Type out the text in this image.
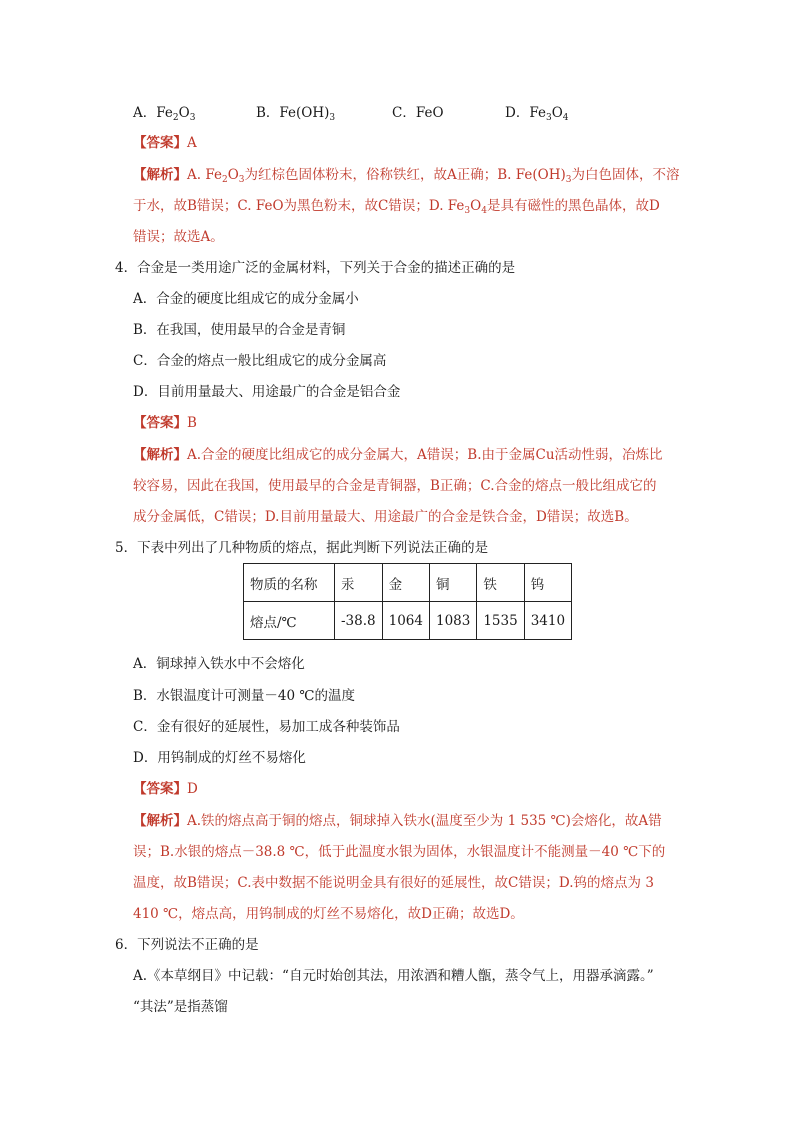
A．$Fe_2O_3$	B．$Fe(OH)_3$	C．FeO	D．$Fe_3O_4$
【答案】A
【解析】A. $Fe_2O_3$为红棕色固体粉末，俗称铁红，故A正确；B. $Fe(OH)_3$为白色固体，不溶
于水，故B错误；C. FeO为黑色粉末，故C错误；D. $Fe_3O_4$是具有磁性的黑色晶体，故D
错误；故选A。
4．合金是一类用途广泛的金属材料，下列关于合金的描述正确的是
A．合金的硬度比组成它的成分金属小
B．在我国，使用最早的合金是青铜
C．合金的熔点一般比组成它的成分金属高
D．目前用量最大、用途最广的合金是铝合金
【答案】B
【解析】A.合金的硬度比组成它的成分金属大，A错误；B.由于金属Cu活动性弱，冶炼比
较容易，因此在我国，使用最早的合金是青铜器，B正确；C.合金的熔点一般比组成它的
成分金属低，C错误；D.目前用量最大、用途最广的合金是铁合金，D错误；故选B。
5．下表中列出了几种物质的熔点，据此判断下列说法正确的是
物质的名称	汞	金	铜	铁	钨
熔点/℃	-38.8	1064	1083	1535	3410
A．铜球掉入铁水中不会熔化
B．水银温度计可测量－40 ℃的温度
C．金有很好的延展性，易加工成各种装饰品
D．用钨制成的灯丝不易熔化
【答案】D
【解析】A.铁的熔点高于铜的熔点，铜球掉入铁水(温度至少为 1 535 ℃)会熔化，故A错
误；B.水银的熔点－38.8 ℃，低于此温度水银为固体，水银温度计不能测量－40 ℃下的
温度，故B错误；C.表中数据不能说明金具有很好的延展性，故C错误；D.钨的熔点为 3
410 ℃，熔点高，用钨制成的灯丝不易熔化，故D正确；故选D。
6．下列说法不正确的是
A.《本草纲目》中记载：“自元时始创其法，用浓酒和糟人甑，蒸令气上，用器承滴露。”
“其法”是指蒸馏
